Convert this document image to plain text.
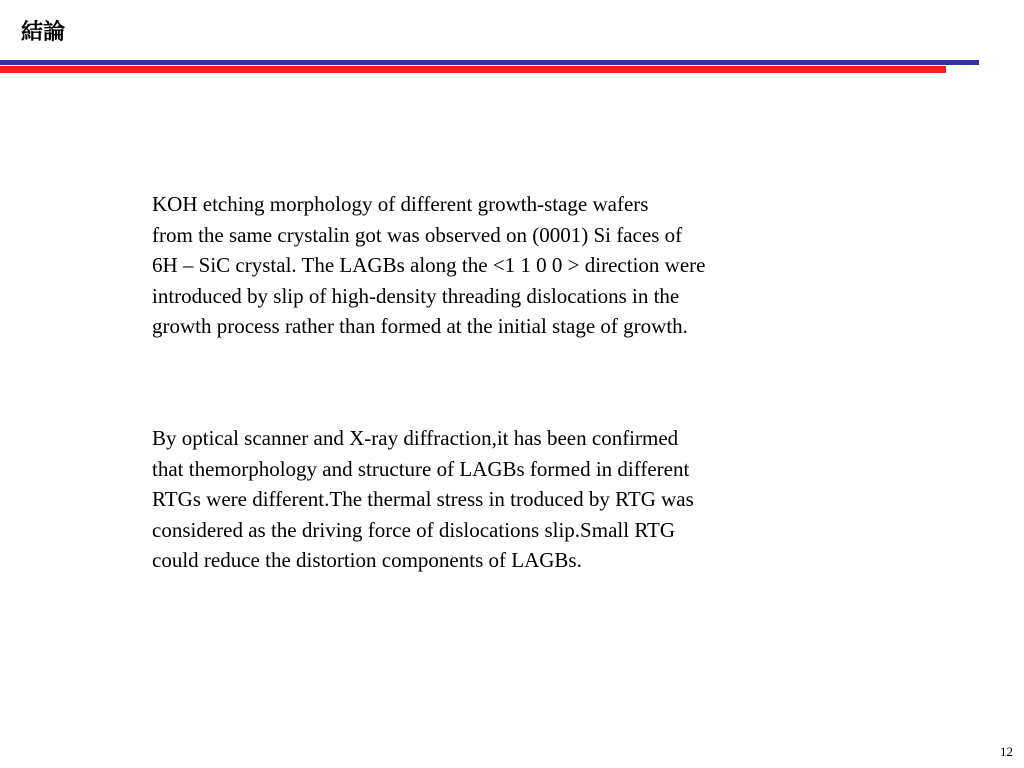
結論

KOH etching morphology of different growth-stage wafers
from the same crystalin got was observed on (0001) Si faces of
6H – SiC crystal. The LAGBs along the <1 1 0 0 > direction were
introduced by slip of high-density threading dislocations in the
growth process rather than formed at the initial stage of growth.

By optical scanner and X-ray diffraction,it has been confirmed
that themorphology and structure of LAGBs formed in different
RTGs were different.The thermal stress in troduced by RTG was
considered as the driving force of dislocations slip.Small RTG
could reduce the distortion components of LAGBs.

12
